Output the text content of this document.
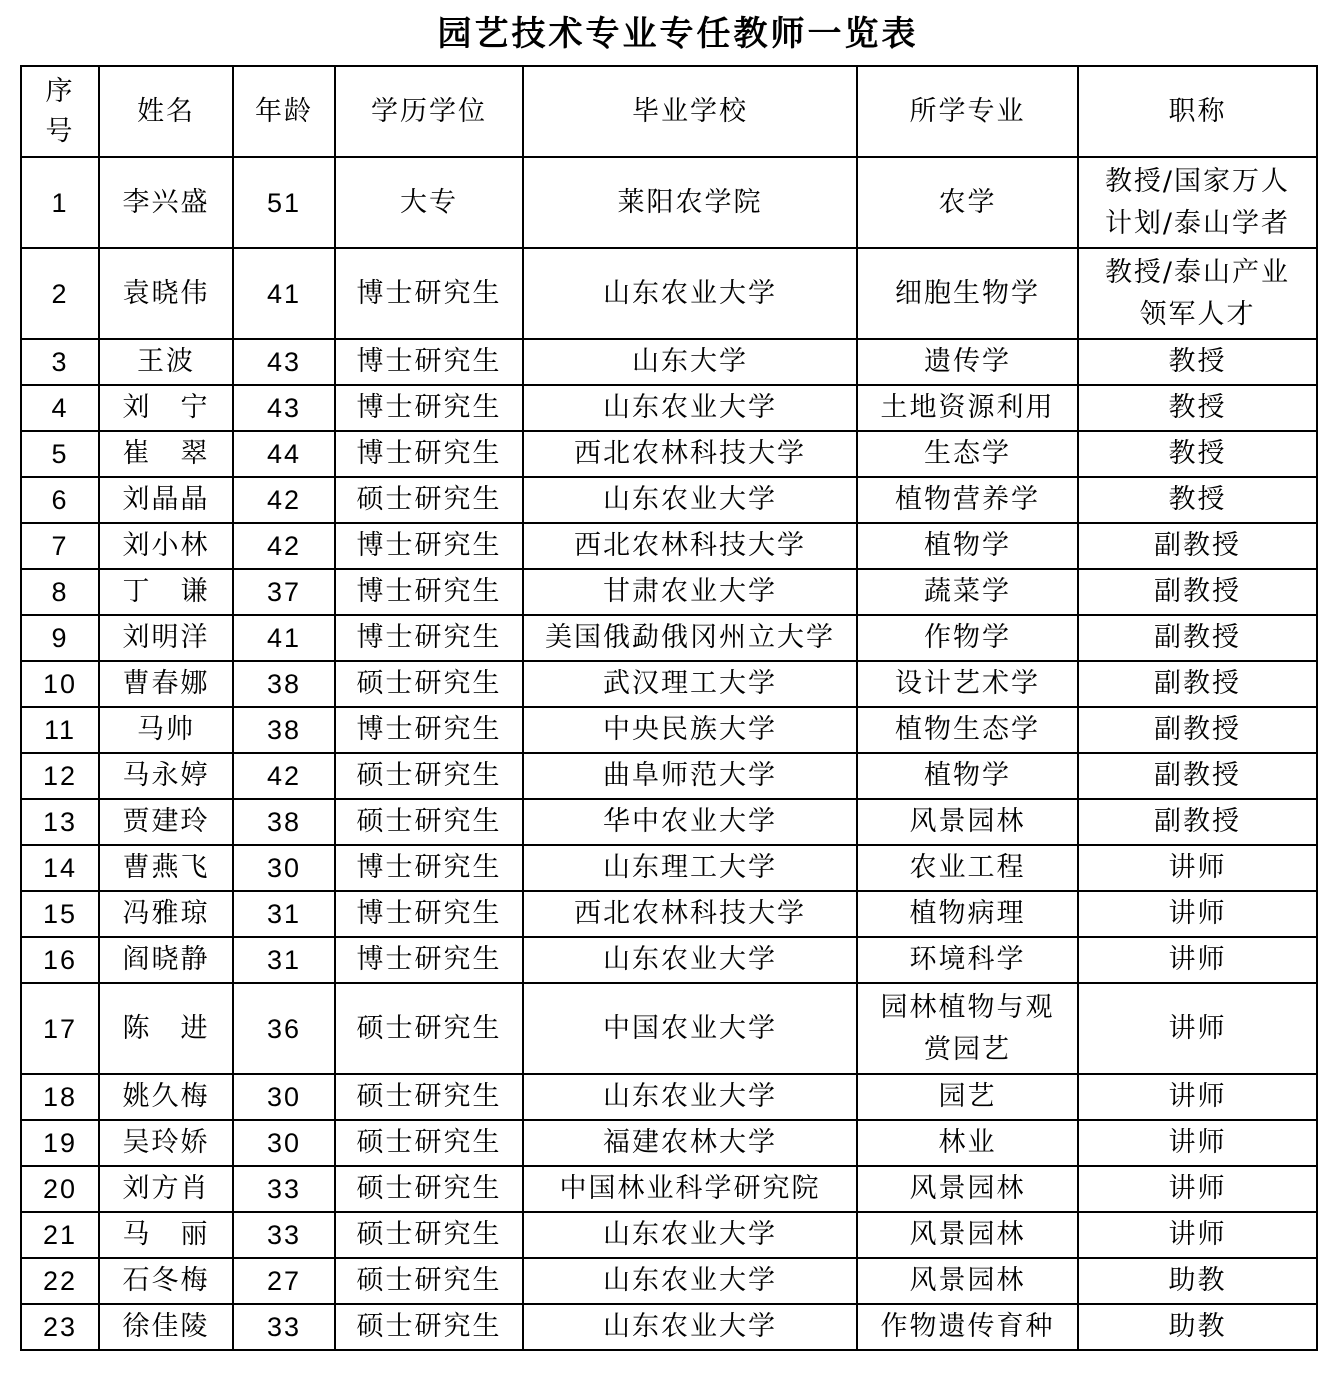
园艺技术专业专任教师一览表
序号	姓名	年龄	学历学位	毕业学校	所学专业	职称
1	李兴盛	51	大专	莱阳农学院	农学	教授/国家万人计划/泰山学者
2	袁晓伟	41	博士研究生	山东农业大学	细胞生物学	教授/泰山产业领军人才
3	王波	43	博士研究生	山东大学	遗传学	教授
4	刘　宁	43	博士研究生	山东农业大学	土地资源利用	教授
5	崔　翠	44	博士研究生	西北农林科技大学	生态学	教授
6	刘晶晶	42	硕士研究生	山东农业大学	植物营养学	教授
7	刘小林	42	博士研究生	西北农林科技大学	植物学	副教授
8	丁　谦	37	博士研究生	甘肃农业大学	蔬菜学	副教授
9	刘明洋	41	博士研究生	美国俄勐俄冈州立大学	作物学	副教授
10	曹春娜	38	硕士研究生	武汉理工大学	设计艺术学	副教授
11	马帅	38	博士研究生	中央民族大学	植物生态学	副教授
12	马永婷	42	硕士研究生	曲阜师范大学	植物学	副教授
13	贾建玲	38	硕士研究生	华中农业大学	风景园林	副教授
14	曹燕飞	30	博士研究生	山东理工大学	农业工程	讲师
15	冯雅琼	31	博士研究生	西北农林科技大学	植物病理	讲师
16	阎晓静	31	博士研究生	山东农业大学	环境科学	讲师
17	陈　进	36	硕士研究生	中国农业大学	园林植物与观赏园艺	讲师
18	姚久梅	30	硕士研究生	山东农业大学	园艺	讲师
19	吴玲娇	30	硕士研究生	福建农林大学	林业	讲师
20	刘方肖	33	硕士研究生	中国林业科学研究院	风景园林	讲师
21	马　丽	33	硕士研究生	山东农业大学	风景园林	讲师
22	石冬梅	27	硕士研究生	山东农业大学	风景园林	助教
23	徐佳陵	33	硕士研究生	山东农业大学	作物遗传育种	助教
